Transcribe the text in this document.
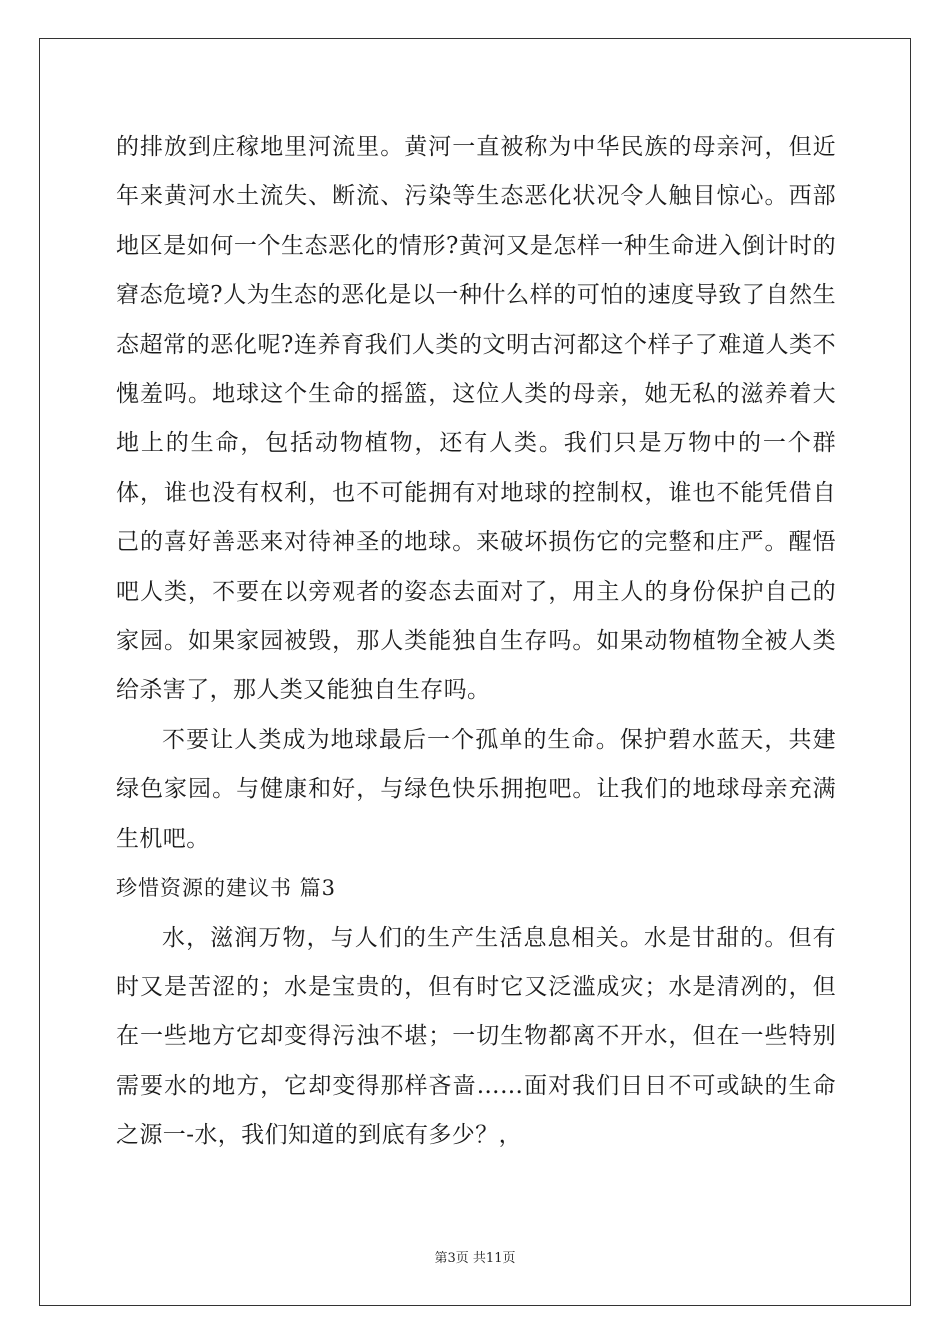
的排放到庄稼地里河流里。黄河一直被称为中华民族的母亲河，但近年来黄河水土流失、断流、污染等生态恶化状况令人触目惊心。西部地区是如何一个生态恶化的情形?黄河又是怎样一种生命进入倒计时的窘态危境?人为生态的恶化是以一种什么样的可怕的速度导致了自然生态超常的恶化呢?连养育我们人类的文明古河都这个样子了难道人类不愧羞吗。地球这个生命的摇篮，这位人类的母亲，她无私的滋养着大地上的生命，包括动物植物，还有人类。我们只是万物中的一个群体，谁也没有权利，也不可能拥有对地球的控制权，谁也不能凭借自己的喜好善恶来对待神圣的地球。来破坏损伤它的完整和庄严。醒悟吧人类，不要在以旁观者的姿态去面对了，用主人的身份保护自己的家园。如果家园被毁，那人类能独自生存吗。如果动物植物全被人类给杀害了，那人类又能独自生存吗。

不要让人类成为地球最后一个孤单的生命。保护碧水蓝天，共建绿色家园。与健康和好，与绿色快乐拥抱吧。让我们的地球母亲充满生机吧。

珍惜资源的建议书 篇3

水，滋润万物，与人们的生产生活息息相关。水是甘甜的。但有时又是苦涩的；水是宝贵的，但有时它又泛滥成灾；水是清冽的，但在一些地方它却变得污浊不堪；一切生物都离不开水，但在一些特别需要水的地方，它却变得那样吝啬……面对我们日日不可或缺的生命之源一-水，我们知道的到底有多少？，

第3页 共11页
